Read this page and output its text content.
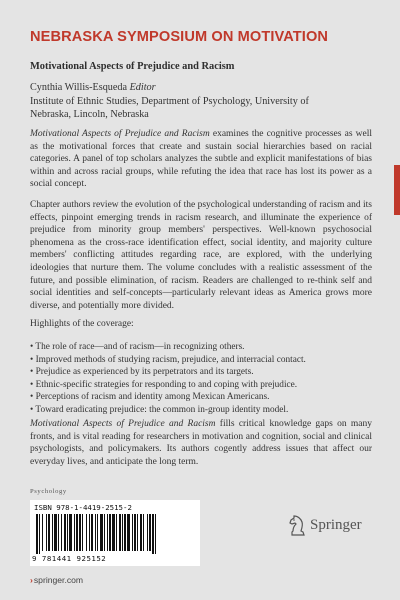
NEBRASKA SYMPOSIUM ON MOTIVATION
Motivational Aspects of Prejudice and Racism
Cynthia Willis-Esqueda Editor
Institute of Ethnic Studies, Department of Psychology, University of
Nebraska, Lincoln, Nebraska

Motivational Aspects of Prejudice and Racism examines the cognitive processes as well as the motivational forces that create and sustain social hierarchies based on racial categories. A panel of top scholars analyzes the subtle and explicit manifestations of bias within and across racial groups, while refuting the idea that race has lost its power as a social concept.

Chapter authors review the evolution of the psychological understanding of racism and its effects, pinpoint emerging trends in racism research, and illuminate the experience of prejudice from minority group members' perspectives. Well-known psychosocial phenomena as the cross-race identification effect, social identity, and majority culture members' conflicting attitudes regarding race, are explored, with the underlying ideologies that nurture them. The volume concludes with a realistic assessment of the future, and possible elimination, of racism. Readers are challenged to re-think self and social identities and self-concepts—particularly relevant ideas as America grows more diverse, and potentially more divided.

Highlights of the coverage:

• The role of race—and of racism—in recognizing others.
• Improved methods of studying racism, prejudice, and interracial contact.
• Prejudice as experienced by its perpetrators and its targets.
• Ethnic-specific strategies for responding to and coping with prejudice.
• Perceptions of racism and identity among Mexican Americans.
• Toward eradicating prejudice: the common in-group identity model.

Motivational Aspects of Prejudice and Racism fills critical knowledge gaps on many fronts, and is vital reading for researchers in motivation and cognition, social and clinical psychologists, and policymakers. Its authors cogently address issues that affect our everyday lives, and anticipate the long term.

Psychology
ISBN 978-1-4419-2515-2
9 781441 925152
Springer
›springer.com
